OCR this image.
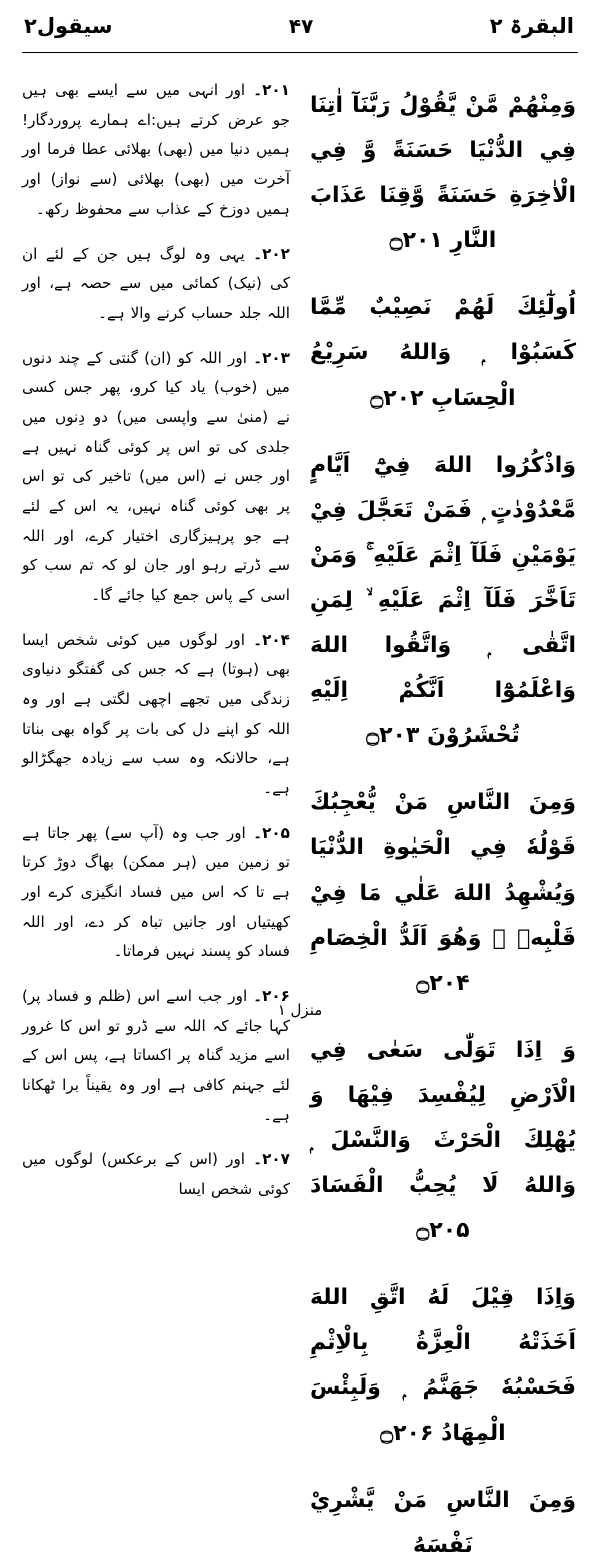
البقرۃ ۲
۷۴
سیقول۲

۲۰۱۔ اور انہی میں سے ایسے بھی ہیں جو عرض کرتے ہیں:اے ہمارے پروردگار! ہمیں دنیا میں (بھی) بھلائی عطا فرما اور آخرت میں (بھی) بھلائی (سے نواز) اور ہمیں دوزخ کے عذاب سے محفوظ رکھ۔

۲۰۲۔ یہی وہ لوگ ہیں جن کے لئے ان کی (نیک) کمائی میں سے حصہ ہے، اور اللہ جلد حساب کرنے والا ہے۔

۲۰۳۔ اور اللہ کو (ان) گنتی کے چند دنوں میں (خوب) یاد کیا کرو، پھر جس کسی نے (منیٰ سے واپسی میں) دو دِنوں میں جلدی کی تو اس پر کوئی گناہ نہیں ہے اور جس نے (اس میں) تاخیر کی تو اس پر بھی کوئی گناہ نہیں، یہ اس کے لئے ہے جو پرہیزگاری اختیار کرے، اور اللہ سے ڈرتے رہو اور جان لو کہ تم سب کو اسی کے پاس جمع کیا جائے گا۔

۲۰۴۔ اور لوگوں میں کوئی شخص ایسا بھی (ہوتا) ہے کہ جس کی گفتگو دنیاوی زندگی میں تجھے اچھی لگتی ہے اور وہ اللہ کو اپنے دل کی بات پر گواہ بھی بناتا ہے، حالانکہ وہ سب سے زیادہ جھگڑالو ہے۔

۲۰۵۔ اور جب وہ (آپ سے) پھر جاتا ہے تو زمین میں (ہر ممکن) بھاگ دوڑ کرتا ہے تا کہ اس میں فساد انگیزی کرے اور کھیتیاں اور جانیں تباہ کر دے، اور اللہ فساد کو پسند نہیں فرماتا۔

۲۰۶۔ اور جب اسے اس (ظلم و فساد پر) کہا جائے کہ اللہ سے ڈرو تو اس کا غرور اسے مزید گناہ پر اکساتا ہے، پس اس کے لئے جہنم کافی ہے اور وہ یقیناً برا ٹھکانا ہے۔

۲۰۷۔ اور (اس کے برعکس) لوگوں میں کوئی شخص ایسا

وَمِنْهُمْ مَّنْ يَّقُوْلُ رَبَّنَآ اٰتِنَا فِي الدُّنْيَا حَسَنَةً وَّ فِي الْاٰخِرَةِ حَسَنَةً وَّقِنَا عَذَابَ النَّارِ ۝۲۰۱

اُولٰٓئِكَ لَهُمْ نَصِيْبٌ مِّمَّا كَسَبُوْا ۭ وَاللهُ سَرِيْعُ الْحِسَابِ ۝۲۰۲

وَاذْكُرُوا اللهَ فِيْٓ اَيَّامٍ مَّعْدُوْدٰتٍ ۭ فَمَنْ تَعَجَّلَ فِيْ يَوْمَيْنِ فَلَآ اِثْمَ عَلَيْهِ ۚ وَمَنْ تَاَخَّرَ فَلَآ اِثْمَ عَلَيْهِ ۙ لِمَنِ اتَّقٰى ۭ وَاتَّقُوا اللهَ وَاعْلَمُوْٓا اَنَّكُمْ اِلَيْهِ تُحْشَرُوْنَ ۝۲۰۳

وَمِنَ النَّاسِ مَنْ يُّعْجِبُكَ قَوْلُهٗ فِي الْحَيٰوةِ الدُّنْيَا وَيُشْهِدُ اللهَ عَلٰي مَا فِيْ قَلْبِهٖ ۙ وَهُوَ اَلَدُّ الْخِصَامِ ۝۲۰۴

وَ اِذَا تَوَلّٰى سَعٰى فِي الْاَرْضِ لِيُفْسِدَ فِيْهَا وَ يُهْلِكَ الْحَرْثَ وَالنَّسْلَ ۭ وَاللهُ لَا يُحِبُّ الْفَسَادَ ۝۲۰۵

وَاِذَا قِيْلَ لَهُ اتَّقِ اللهَ اَخَذَتْهُ الْعِزَّةُ بِالْاِثْمِ فَحَسْبُهٗ جَهَنَّمُ ۭ وَلَبِئْسَ الْمِهَادُ ۝۲۰۶

وَمِنَ النَّاسِ مَنْ يَّشْرِيْ نَفْسَهُ

منزل ۱
